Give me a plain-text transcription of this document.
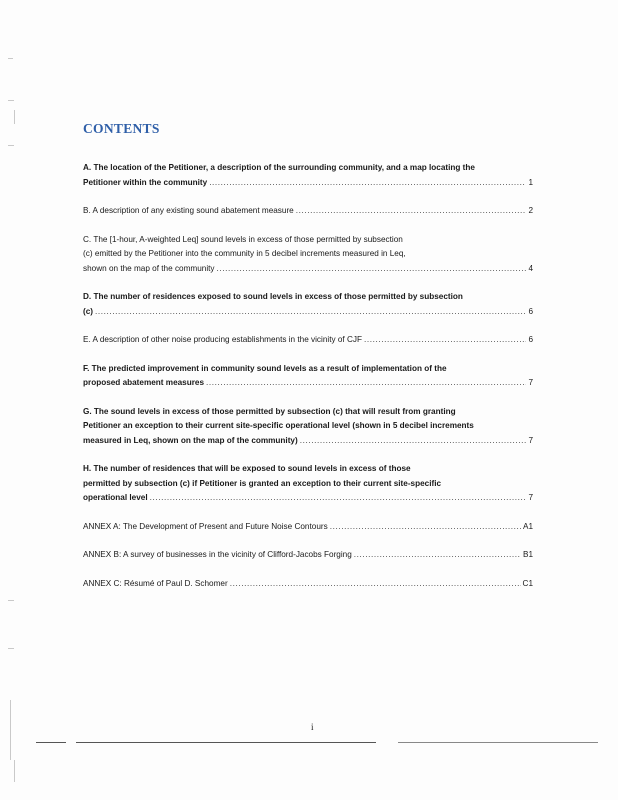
CONTENTS
A. The location of the Petitioner, a description of the surrounding community, and a map locating the
Petitioner within the community .....	1
B. A description of any existing sound abatement measure .....	2
C. The [1-hour, A-weighted Leq] sound levels in excess of those permitted by subsection
(c) emitted by the Petitioner into the community in 5 decibel increments measured in Leq,
shown on the map of the community .....	4
D. The number of residences exposed to sound levels in excess of those permitted by subsection
(c) .....	6
E. A description of other noise producing establishments in the vicinity of CJF .....	6
F. The predicted improvement in community sound levels as a result of implementation of the
proposed abatement measures .....	7
G. The sound levels in excess of those permitted by subsection (c) that will result from granting
Petitioner an exception to their current site-specific operational level (shown in 5 decibel increments
measured in Leq, shown on the map of the community) .....	7
H. The number of residences that will be exposed to sound levels in excess of those
permitted by subsection (c) if Petitioner is granted an exception to their current site-specific
operational level .....	7
ANNEX A: The Development of Present and Future Noise Contours .....	A1
ANNEX B: A survey of businesses in the vicinity of Clifford-Jacobs Forging .....	B1
ANNEX C: Résumé of Paul D. Schomer .....	C1
i
